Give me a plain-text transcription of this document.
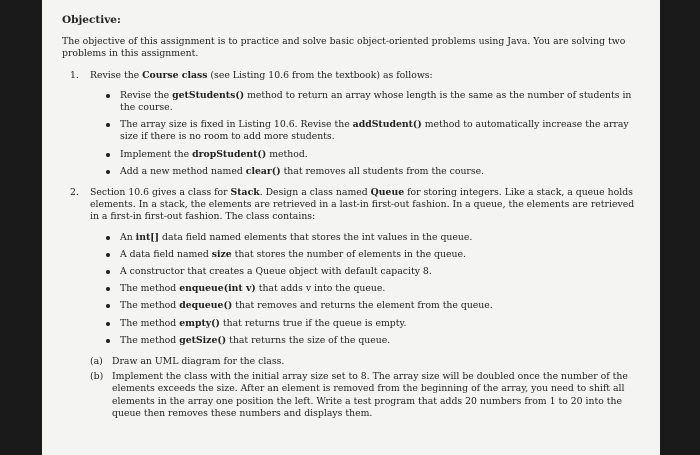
Objective:

The objective of this assignment is to practice and solve basic object-oriented problems using Java. You are solving two problems in this assignment.

1. Revise the Course class (see Listing 10.6 from the textbook) as follows:

Revise the getStudents() method to return an array whose length is the same as the number of students in the course.
The array size is fixed in Listing 10.6. Revise the addStudent() method to automatically increase the array size if there is no room to add more students.
Implement the dropStudent() method.
Add a new method named clear() that removes all students from the course.
2. Section 10.6 gives a class for Stack. Design a class named Queue for storing integers. Like a stack, a queue holds elements. In a stack, the elements are retrieved in a last-in first-out fashion. In a queue, the elements are retrieved in a first-in first-out fashion. The class contains:

An int[] data field named elements that stores the int values in the queue.
A data field named size that stores the number of elements in the queue.
A constructor that creates a Queue object with default capacity 8.
The method enqueue(int v) that adds v into the queue.
The method dequeue() that removes and returns the element from the queue.
The method empty() that returns true if the queue is empty.
The method getSize() that returns the size of the queue.
(a) Draw an UML diagram for the class.
(b) Implement the class with the initial array size set to 8. The array size will be doubled once the number of the elements exceeds the size. After an element is removed from the beginning of the array, you need to shift all elements in the array one position the left. Write a test program that adds 20 numbers from 1 to 20 into the queue then removes these numbers and displays them.
